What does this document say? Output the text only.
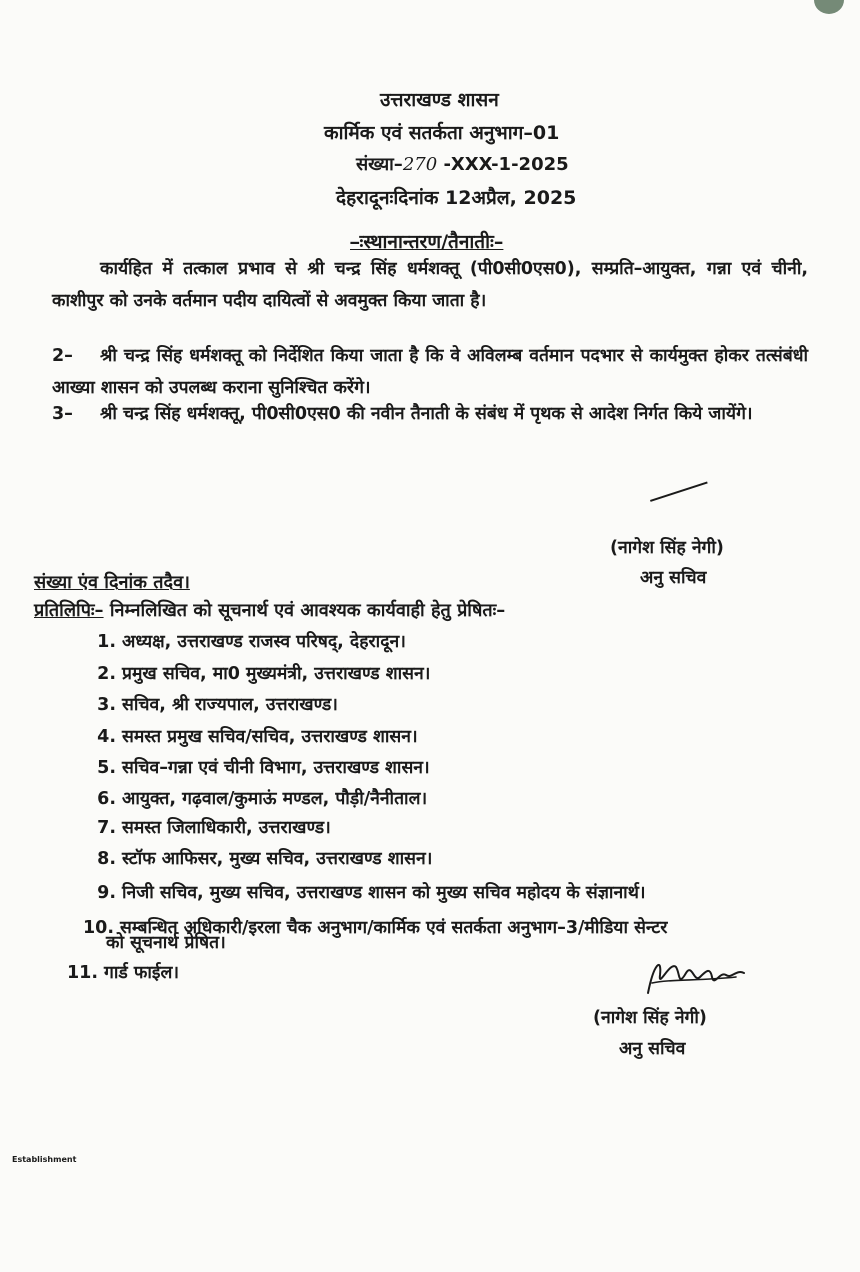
उत्तराखण्ड शासन
कार्मिक एवं सतर्कता अनुभाग–01
संख्या–270 -XXX-1-2025
देहरादूनःदिनांक 12अप्रैल, 2025
–ःस्थानान्तरण/तैनातीः–
कार्यहित में तत्काल प्रभाव से श्री चन्द्र सिंह धर्मशक्तू (पी0सी0एस0), सम्प्रति–आयुक्त, गन्ना एवं चीनी, काशीपुर को उनके वर्तमान पदीय दायित्वों से अवमुक्त किया जाता है।
2– श्री चन्द्र सिंह धर्मशक्तू को निर्देशित किया जाता है कि वे अविलम्ब वर्तमान पदभार से कार्यमुक्त होकर तत्संबंधी आख्या शासन को उपलब्ध कराना सुनिश्चित करेंगे।
3– श्री चन्द्र सिंह धर्मशक्तू, पी0सी0एस0 की नवीन तैनाती के संबंध में पृथक से आदेश निर्गत किये जायेंगे।
(नागेश सिंह नेगी)
अनु सचिव
संख्या एंव दिनांक तदैव।
प्रतिलिपिः– निम्नलिखित को सूचनार्थ एवं आवश्यक कार्यवाही हेतु प्रेषितः–
1. अध्यक्ष, उत्तराखण्ड राजस्व परिषद्, देहरादून।
2. प्रमुख सचिव, मा0 मुख्यमंत्री, उत्तराखण्ड शासन।
3. सचिव, श्री राज्यपाल, उत्तराखण्ड।
4. समस्त प्रमुख सचिव/सचिव, उत्तराखण्ड शासन।
5. सचिव–गन्ना एवं चीनी विभाग, उत्तराखण्ड शासन।
6. आयुक्त, गढ़वाल/कुमाऊं मण्डल, पौड़ी/नैनीताल।
7. समस्त जिलाधिकारी, उत्तराखण्ड।
8. स्टॉफ आफिसर, मुख्य सचिव, उत्तराखण्ड शासन।
9. निजी सचिव, मुख्य सचिव, उत्तराखण्ड शासन को मुख्य सचिव महोदय के संज्ञानार्थ।
10. सम्बन्धित अधिकारी/इरला चैक अनुभाग/कार्मिक एवं सतर्कता अनुभाग–3/मीडिया सेन्टर
को सूचनार्थ प्रेषित।
11. गार्ड फाईल।
(नागेश सिंह नेगी)
अनु सचिव
Establishment
